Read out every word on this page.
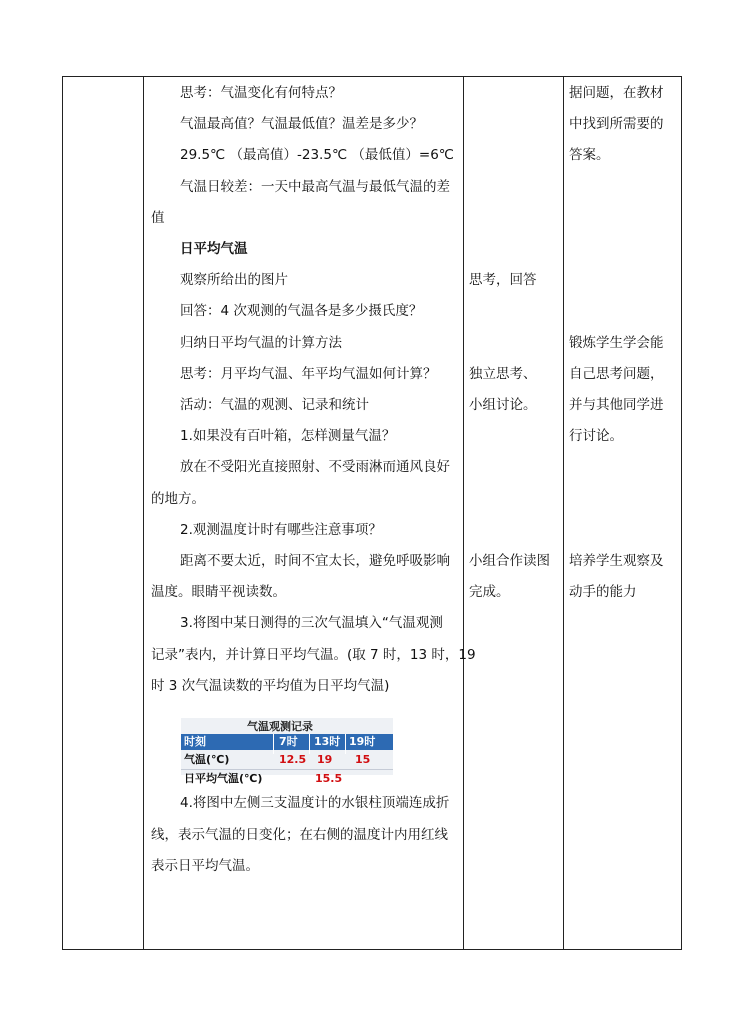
思考：气温变化有何特点？
气温最高值？气温最低值？温差是多少？
29.5℃ （最高值）-23.5℃ （最低值）=6℃
气温日较差：一天中最高气温与最低气温的差
值
日平均气温
观察所给出的图片
回答：4 次观测的气温各是多少摄氏度？
归纳日平均气温的计算方法
思考：月平均气温、年平均气温如何计算？
活动：气温的观测、记录和统计
1.如果没有百叶箱，怎样测量气温？
放在不受阳光直接照射、不受雨淋而通风良好
的地方。
2.观测温度计时有哪些注意事项？
距离不要太近，时间不宜太长，避免呼吸影响
温度。眼睛平视读数。
3.将图中某日测得的三次气温填入“气温观测
记录”表内，并计算日平均气温。(取 7 时，13 时，19
时 3 次气温读数的平均值为日平均气温)
气温观测记录
时刻	7时 13时 19时
气温(℃)	12.5 19 15
日平均气温(℃)	15.5
4.将图中左侧三支温度计的水银柱顶端连成折
线，表示气温的日变化；在右侧的温度计内用红线
表示日平均气温。
思考，回答
独立思考、
小组讨论。
小组合作读图
完成。
据问题，在教材
中找到所需要的
答案。
锻炼学生学会能
自己思考问题，
并与其他同学进
行讨论。
培养学生观察及
动手的能力
